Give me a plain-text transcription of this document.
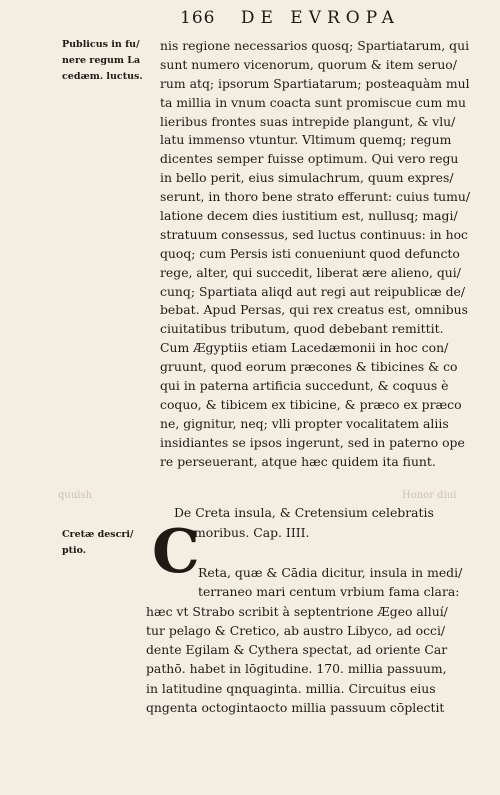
166 DE EVROPA
Publicus in fu/
nere regum La
cedæm. luctus.
nis regione necessarios quosq; Spartiatarum, qui
sunt numero vicenorum, quorum & item seruo/
rum atq; ipsorum Spartiatarum; posteaquàm mul
ta millia in vnum coacta sunt promiscue cum mu
lieribus frontes suas intrepide plangunt, & vlu/
latu immenso vtuntur. Vltimum quemq; regum
dicentes semper fuisse optimum. Qui vero regu
in bello perit, eius simulachrum, quum expres/
serunt, in thoro bene strato efferunt: cuius tumu/
latione decem dies iustitium est, nullusq; magi/
stratuum consessus, sed luctus continuus: in hoc
quoq; cum Persis isti conueniunt quod defuncto
rege, alter, qui succedit, liberat ære alieno, qui/
cunq; Spartiata aliqd aut regi aut reipublicæ de/
bebat. Apud Persas, qui rex creatus est, omnibus
ciuitatibus tributum, quod debebant remittit.
Cum Ægyptiis etiam Lacedæmonii in hoc con/
gruunt, quod eorum præcones & tibicines & co
qui in paterna artificia succedunt, & coquus è
coquo, & tibicem ex tibicine, & præco ex præco
ne, gignitur, neq; vlli propter vocalitatem aliis
insidiantes se ipsos ingerunt, sed in paterno ope
re perseuerant, atque hæc quidem ita fiunt.
quulsh	Honor diui
Cretæ descri/
ptio.
De Creta insula, & Cretensium celebratis
moribus. Cap. IIII.
C
Reta, quæ & Cādia dicitur, insula in medi/
terraneo mari centum vrbium fama clara:
hæc vt Strabo scribit à septentrione Ægeo alluí/
tur pelago & Cretico, ab austro Libyco, ad occi/
dente Egilam & Cythera spectat, ad oriente Car
pathō. habet in lōgitudine. 170. millia passuum,
in latitudine qnquaginta. millia. Circuitus eius
qngenta octogintaocto millia passuum cōplectit
